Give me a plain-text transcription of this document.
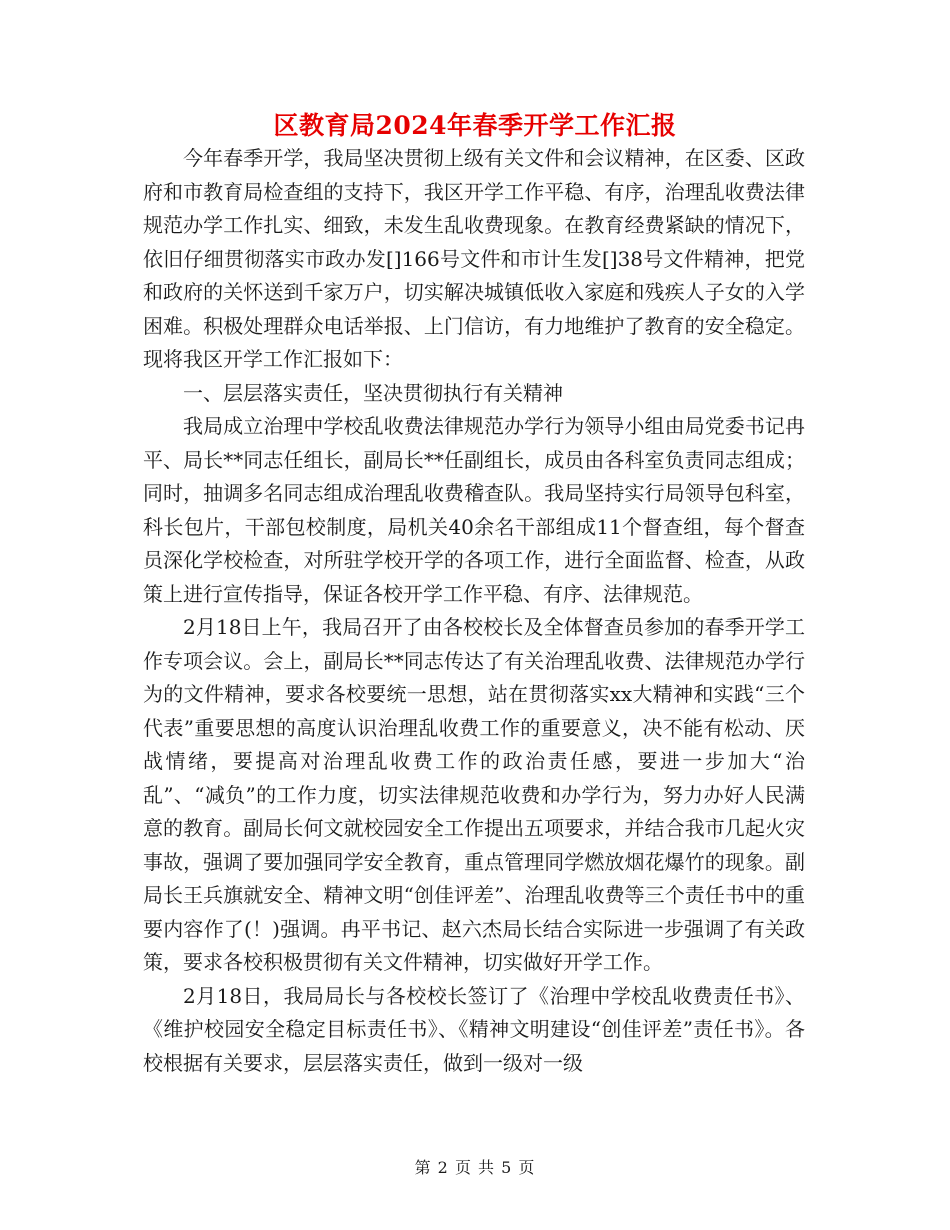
区教育局2024年春季开学工作汇报

今年春季开学，我局坚决贯彻上级有关文件和会议精神，在区委、区政府和市教育局检查组的支持下，我区开学工作平稳、有序，治理乱收费法律规范办学工作扎实、细致，未发生乱收费现象。在教育经费紧缺的情况下，依旧仔细贯彻落实市政办发[]166号文件和市计生发[]38号文件精神，把党和政府的关怀送到千家万户，切实解决城镇低收入家庭和残疾人子女的入学困难。积极处理群众电话举报、上门信访，有力地维护了教育的安全稳定。现将我区开学工作汇报如下：

一、层层落实责任，坚决贯彻执行有关精神

我局成立治理中学校乱收费法律规范办学行为领导小组由局党委书记冉平、局长**同志任组长，副局长**任副组长，成员由各科室负责同志组成；同时，抽调多名同志组成治理乱收费稽查队。我局坚持实行局领导包科室，科长包片，干部包校制度，局机关40余名干部组成11个督查组，每个督查员深化学校检查，对所驻学校开学的各项工作，进行全面监督、检查，从政策上进行宣传指导，保证各校开学工作平稳、有序、法律规范。

2月18日上午，我局召开了由各校校长及全体督查员参加的春季开学工作专项会议。会上，副局长**同志传达了有关治理乱收费、法律规范办学行为的文件精神，要求各校要统一思想，站在贯彻落实xx大精神和实践“三个代表”重要思想的高度认识治理乱收费工作的重要意义，决不能有松动、厌战情绪，要提高对治理乱收费工作的政治责任感，要进一步加大“治乱”、“减负”的工作力度，切实法律规范收费和办学行为，努力办好人民满意的教育。副局长何文就校园安全工作提出五项要求，并结合我市几起火灾事故，强调了要加强同学安全教育，重点管理同学燃放烟花爆竹的现象。副局长王兵旗就安全、精神文明“创佳评差”、治理乱收费等三个责任书中的重要内容作了(！)强调。冉平书记、赵六杰局长结合实际进一步强调了有关政策，要求各校积极贯彻有关文件精神，切实做好开学工作。

2月18日，我局局长与各校校长签订了《治理中学校乱收费责任书》、《维护校园安全稳定目标责任书》、《精神文明建设“创佳评差”责任书》。各校根据有关要求，层层落实责任，做到一级对一级

第 2 页 共 5 页
